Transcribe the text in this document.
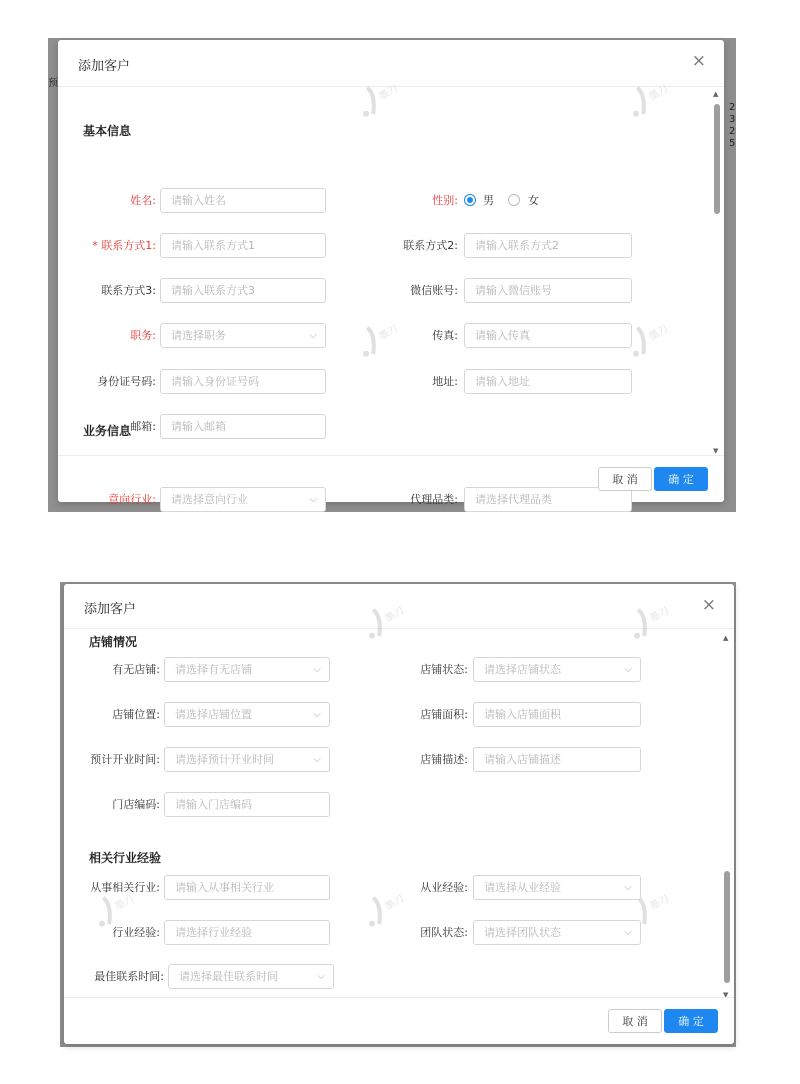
预
2
3
2
5
添加客户	×
墨刀	墨刀
墨刀	墨刀
基本信息
姓名:	请输入姓名	性别: 男	女
* 联系方式1:	请输入联系方式1	联系方式2:	请输入联系方式2
联系方式3:	请输入联系方式3	微信账号:	请输入微信账号
职务:	请选择职务	⌵	传真:	请输入传真
身份证号码:	请输入身份证号码	地址:	请输入地址
邮箱:	请输入邮箱
业务信息
意向行业:	请选择意向行业	⌵	代理品类:	请选择代理品类
▲
▼
取 消	确 定
添加客户	×
墨刀	墨刀
墨刀	墨刀	墨刀
店铺情况
有无店铺:	请选择有无店铺	⌵	店铺状态:	请选择店铺状态	⌵
店铺位置:	请选择店铺位置	⌵	店铺面积:	请输入店铺面积
预计开业时间:	请选择预计开业时间	⌵	店铺描述:	请输入店铺描述
门店编码:	请输入门店编码
相关行业经验
从事相关行业:	请输入从事相关行业	从业经验:	请选择从业经验	⌵
行业经验:	请选择行业经验	团队状态:	请选择团队状态	⌵
最佳联系时间:	请选择最佳联系时间	⌵
▲
▼
取 消	确 定
